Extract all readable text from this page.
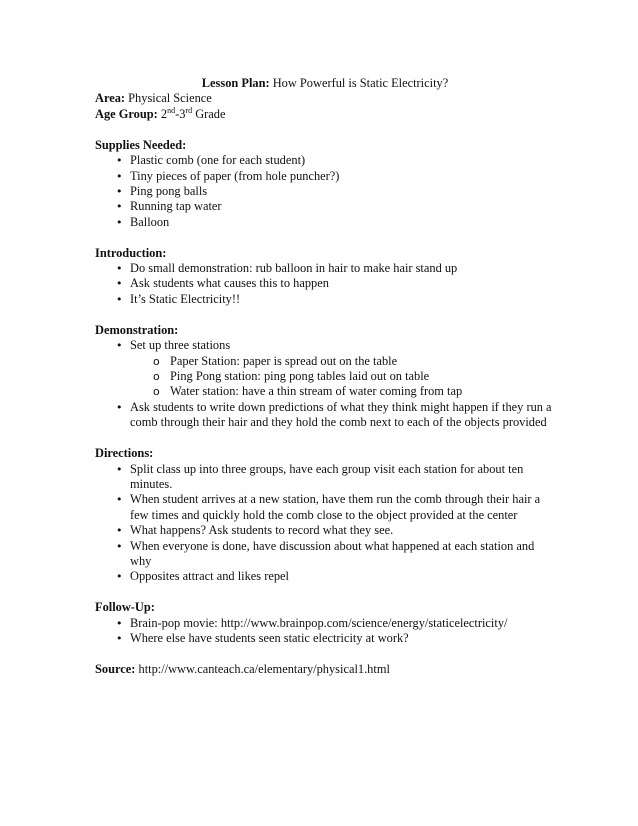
Lesson Plan: How Powerful is Static Electricity?

Area: Physical Science

Age Group: 2nd-3rd Grade

Supplies Needed:

• Plastic comb (one for each student)
• Tiny pieces of paper (from hole puncher?)
• Ping pong balls
• Running tap water
• Balloon

Introduction:

• Do small demonstration: rub balloon in hair to make hair stand up
• Ask students what causes this to happen
• It’s Static Electricity!!

Demonstration:

• Set up three stations
o Paper Station: paper is spread out on the table
o Ping Pong station: ping pong tables laid out on table
o Water station: have a thin stream of water coming from tap
• Ask students to write down predictions of what they think might happen if they run a comb through their hair and they hold the comb next to each of the objects provided

Directions:

• Split class up into three groups, have each group visit each station for about ten minutes.
• When student arrives at a new station, have them run the comb through their hair a few times and quickly hold the comb close to the object provided at the center
• What happens? Ask students to record what they see.
• When everyone is done, have discussion about what happened at each station and why
• Opposites attract and likes repel

Follow-Up:

• Brain-pop movie: http://www.brainpop.com/science/energy/staticelectricity/
• Where else have students seen static electricity at work?

Source: http://www.canteach.ca/elementary/physical1.html
